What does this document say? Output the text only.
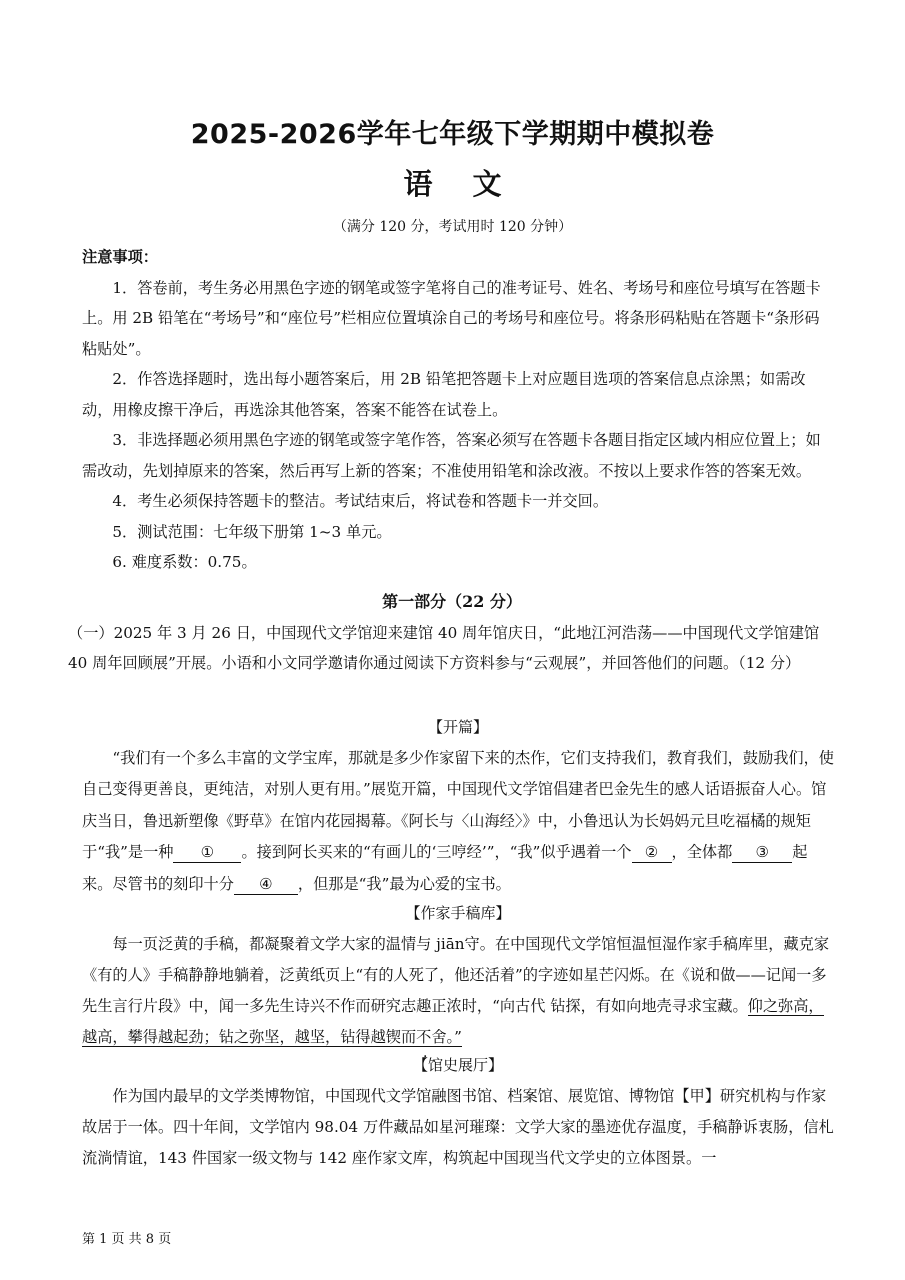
2025-2026学年七年级下学期期中模拟卷
语文
（满分 120 分，考试用时 120 分钟）

注意事项：

1．答卷前，考生务必用黑色字迹的钢笔或签字笔将自己的准考证号、姓名、考场号和座位号填写在答题卡上。用 2B 铅笔在“考场号”和“座位号”栏相应位置填涂自己的考场号和座位号。将条形码粘贴在答题卡“条形码粘贴处”。

2．作答选择题时，选出每小题答案后，用 2B 铅笔把答题卡上对应题目选项的答案信息点涂黑；如需改动，用橡皮擦干净后，再选涂其他答案，答案不能答在试卷上。

3．非选择题必须用黑色字迹的钢笔或签字笔作答，答案必须写在答题卡各题目指定区域内相应位置上；如需改动，先划掉原来的答案，然后再写上新的答案；不准使用铅笔和涂改液。不按以上要求作答的答案无效。

4．考生必须保持答题卡的整洁。考试结束后，将试卷和答题卡一并交回。

5．测试范围：七年级下册第 1~3 单元。

6. 难度系数：0.75。

第一部分（22 分）

（一）2025 年 3 月 26 日，中国现代文学馆迎来建馆 40 周年馆庆日，“此地江河浩荡——中国现代文学馆建馆 40 周年回顾展”开展。小语和小文同学邀请你通过阅读下方资料参与“云观展”，并回答他们的问题。（12 分）

【开篇】

“我们有一个多么丰富的文学宝库，那就是多少作家留下来的杰作，它们支持我们，教育我们，鼓励我们，使自己变得更善良，更纯洁，对别人更有用。”展览开篇，中国现代文学馆倡建者巴金先生的感人话语振奋人心。馆庆当日，鲁迅新塑像《野草》在馆内花园揭幕。《阿长与〈山海经〉》中，小鲁迅认为长妈妈元旦吃福橘的规矩于“我”是一种 ① 。接到阿长买来的“有画儿的‘三哼经’”，“我”似乎遇着一个 ② ，全体都 ③ 起来。尽管书的刻印十分 ④ ，但那是“我”最为心爱的宝书。

【作家手稿库】

每一页泛黄的手稿，都凝聚着文学大家的温情与 jiān守。在中国现代文学馆恒温恒湿作家手稿库里，藏克家《有的人》手稿静静地躺着，泛黄纸页上“有的人死了，他还活着”的字迹如星芒闪烁。在《说和做——记闻一多先生言行片段》中，闻一多先生诗兴不作而研究志趣正浓时，“向古代 钻探，有如向地壳寻求宝藏。仰之弥高，越高，攀得越起劲；钻之弥坚，越坚，钻得越锲 ·而不舍。”

【馆史展厅】

作为国内最早的文学类博物馆，中国现代文学馆融图书馆、档案馆、展览馆、博物馆【甲】研究机构与作家故居于一体。四十年间，文学馆内 98.04 万件藏品如星河璀璨：文学大家的墨迹优存温度，手稿静诉衷肠，信札流淌情谊，143 件国家一级文物与 142 座作家文库，构筑起中国现当代文学史的立体图景。一

第 1 页 共 8 页
